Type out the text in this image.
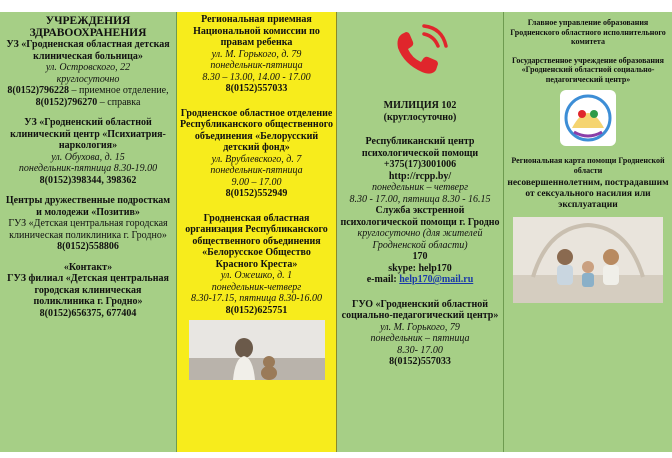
УЧРЕЖДЕНИЯ ЗДРАВООХРАНЕНИЯ

УЗ «Гродненская областная детская клиническая больница»

ул. Островского, 22

круглосуточно

8(0152)796228 – приемное отделение,

8(0152)796270 – справка

УЗ «Гродненский областной клинический центр «Психиатрия-наркология»

ул. Обухова, д. 15

понедельник-пятница 8.30-19.00

8(0152)398344, 398362

Центры дружественные подросткам и молодежи «Позитив»

ГУЗ «Детская центральная городская клиническая поликлиника г. Гродно»

8(0152)558806

«Контакт»

ГУЗ филиал «Детская центральная городская клиническая поликлиника г. Гродно»

8(0152)656375, 677404

Региональная приемная Национальной комиссии по правам ребенка

ул. М. Горького, д. 79

понедельник-пятница

8.30 – 13.00, 14.00 - 17.00

8(0152)557033

Гродненское областное отделение Республиканского общественного объединения «Белорусский детский фонд»

ул. Врублевского, д. 7

понедельник-пятница

9.00 – 17.00

8(0152)552949

Гродненская областная организация Республиканского общественного объединения «Белорусское Общество Красного Креста»

ул. Ожешко, д. 1

понедельник-четверг

8.30-17.15, пятница 8.30-16.00

8(0152)625751

МИЛИЦИЯ 102

(круглосуточно)

Республиканский центр психологической помощи

+375(17)3001006

http://rcpp.by/

понедельник – четверг

8.30 - 17.00, пятница 8.30 - 16.15

Служба экстренной психологической помощи г. Гродно

круглосуточно (для жителей Гродненской области)

170

skype: help170

e-mail: help170@mail.ru

ГУО «Гродненский областной социально-педагогический центр»

ул. М. Горького, 79

понедельник – пятница

8.30- 17.00

8(0152)557033

Главное управление образования Гродненского областного исполнительного комитета

Государственное учреждение образования «Гродненский областной социально-педагогический центр»

Региональная карта помощи Гродненской области

несовершеннолетним, пострадавшим от сексуального насилия или эксплуатации
